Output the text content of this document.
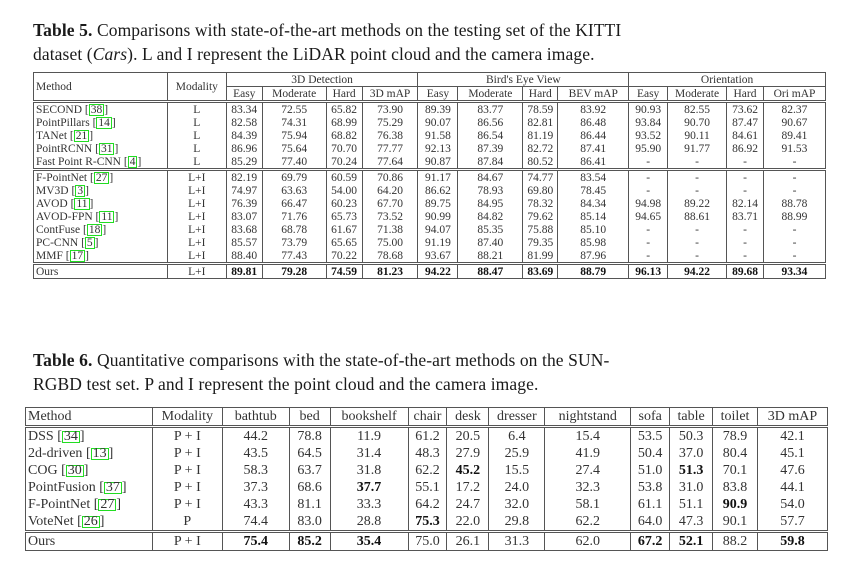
Table 5. Comparisons with state-of-the-art methods on the testing set of the KITTI
dataset (Cars). L and I represent the LiDAR point cloud and the camera image.
Method	Modality	3D Detection				Bird's Eye View				Orientation			
		Easy	Moderate	Hard	3D mAP	Easy	Moderate	Hard	BEV mAP	Easy	Moderate	Hard	Ori mAP
SECOND [ 38 ]	L	83.34	72.55	65.82	73.90	89.39	83.77	78.59	83.92	90.93	82.55	73.62	82.37
PointPillars [ 14 ]	L	82.58	74.31	68.99	75.29	90.07	86.56	82.81	86.48	93.84	90.70	87.47	90.67
TANet [ 21 ]	L	84.39	75.94	68.82	76.38	91.58	86.54	81.19	86.44	93.52	90.11	84.61	89.41
PointRCNN [ 31 ]	L	86.96	75.64	70.70	77.77	92.13	87.39	82.72	87.41	95.90	91.77	86.92	91.53
Fast Point R-CNN [ 4 ]	L	85.29	77.40	70.24	77.64	90.87	87.84	80.52	86.41	-	-	-	-
F-PointNet [ 27 ]	L+I	82.19	69.79	60.59	70.86	91.17	84.67	74.77	83.54	-	-	-	-
MV3D [ 3 ]	L+I	74.97	63.63	54.00	64.20	86.62	78.93	69.80	78.45	-	-	-	-
AVOD [ 11 ]	L+I	76.39	66.47	60.23	67.70	89.75	84.95	78.32	84.34	94.98	89.22	82.14	88.78
AVOD-FPN [ 11 ]	L+I	83.07	71.76	65.73	73.52	90.99	84.82	79.62	85.14	94.65	88.61	83.71	88.99
ContFuse [ 18 ]	L+I	83.68	68.78	61.67	71.38	94.07	85.35	75.88	85.10	-	-	-	-
PC-CNN [ 5 ]	L+I	85.57	73.79	65.65	75.00	91.19	87.40	79.35	85.98	-	-	-	-
MMF [ 17 ]	L+I	88.40	77.43	70.22	78.68	93.67	88.21	81.99	87.96	-	-	-	-
Ours	L+I	89.81	79.28	74.59	81.23	94.22	88.47	83.69	88.79	96.13	94.22	89.68	93.34
Table 6. Quantitative comparisons with the state-of-the-art methods on the SUN-
RGBD test set. P and I represent the point cloud and the camera image.
Method	Modality	bathtub	bed	bookshelf	chair	desk	dresser	nightstand	sofa	table	toilet	3D mAP
DSS [ 34 ]	P + I	44.2	78.8	11.9	61.2	20.5	6.4	15.4	53.5	50.3	78.9	42.1
2d-driven [ 13 ]	P + I	43.5	64.5	31.4	48.3	27.9	25.9	41.9	50.4	37.0	80.4	45.1
COG [ 30 ]	P + I	58.3	63.7	31.8	62.2	45.2	15.5	27.4	51.0	51.3	70.1	47.6
PointFusion [ 37 ]	P + I	37.3	68.6	37.7	55.1	17.2	24.0	32.3	53.8	31.0	83.8	44.1
F-PointNet [ 27 ]	P + I	43.3	81.1	33.3	64.2	24.7	32.0	58.1	61.1	51.1	90.9	54.0
VoteNet [ 26 ]	P	74.4	83.0	28.8	75.3	22.0	29.8	62.2	64.0	47.3	90.1	57.7
Ours	P + I	75.4	85.2	35.4	75.0	26.1	31.3	62.0	67.2	52.1	88.2	59.8
